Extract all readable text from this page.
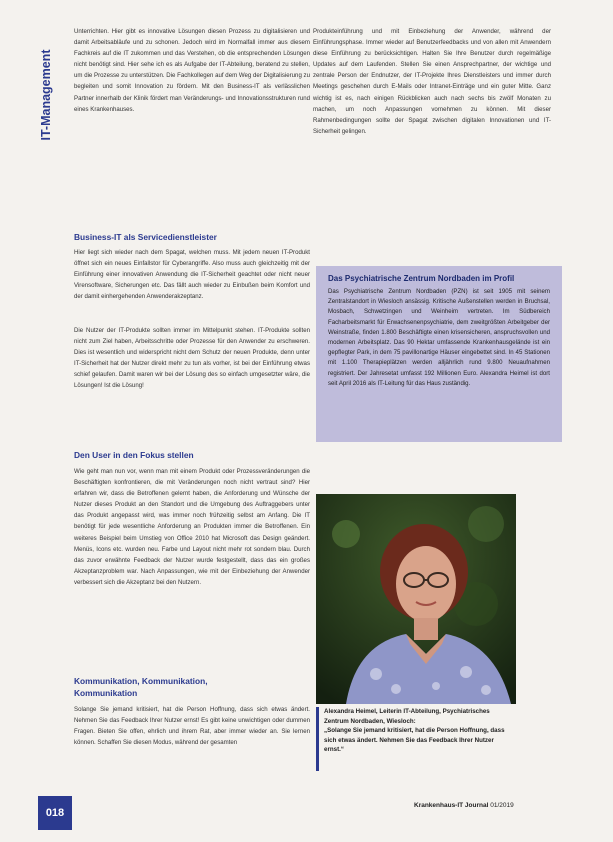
IT-Management

Unterrichten. Hier gibt es innovative Lösungen diesen Prozess zu digitalisieren und damit Arbeitsabläufe und zu schonen. Jedoch wird im Normalfall immer aus diesem Fachkreis auf die IT zukommen und das Verstehen, ob die entsprechenden Lösungen nicht benötigt sind. Hier sehe ich es als Aufgabe der IT-Abteilung, beratend zu stellen, um die Prozesse zu unterstützen. Die Fachkollegen auf dem Weg der Digitalisierung zu begleiten und somit Innovation zu fördern. Mit den Business-IT als verlässlichen Partner innerhalb der Klinik fördert man Veränderungs- und Innovationsstrukturen rund eines Krankenhauses.

Business-IT als Servicedienstleister

Hier liegt sich wieder nach dem Spagat, welchen muss. Mit jedem neuen IT-Produkt öffnet sich ein neues Einfallstor für Cyberangriffe. Also muss auch gleichzeitig mit der Einführung einer innovativen Anwendung die IT-Sicherheit geachtet oder nicht neuer Virensoftware, Sicherungen etc. Das fällt auch wieder zu Einbußen beim Komfort und der damit einhergehenden Anwenderakzeptanz.

Die Nutzer der IT-Produkte sollten immer im Mittelpunkt stehen. IT-Produkte sollten nicht zum Ziel haben, Arbeitsschritte oder Prozesse für den Anwender zu erschweren. Dies ist wesentlich und widerspricht nicht dem Schutz der neuen Produkte, denn unter IT-Sicherheit hat der Nutzer direkt mehr zu tun als vorher, ist bei der Einführung etwas schief gelaufen. Damit waren wir bei der Lösung des so einfach umgesetzter wäre, die Lösungen! Ist die Lösung!

Den User in den Fokus stellen

Wie geht man nun vor, wenn man mit einem Produkt oder Prozessveränderungen die Beschäftigten konfrontieren, die mit Veränderungen noch nicht vertraut sind? Hier erfahren wir, dass die Betroffenen gelernt haben, die Anforderung und Wünsche der Nutzer dieses Produkt an den Standort und die Umgebung des Auftraggebers unter das Produkt angepasst wird, was immer noch frühzeitig selbst am Anfang. Die IT benötigt für jede wesentliche Anforderung an Produkten immer die Betroffenen. Ein weiteres Beispiel beim Umstieg von Office 2010 hat Microsoft das Design geändert. Menüs, Icons etc. wurden neu. Farbe und Layout nicht mehr rot sondern blau. Durch das zuvor erwähnte Feedback der Nutzer wurde festgestellt, dass das ein großes Akzeptanzproblem war. Nach Anpassungen, wie mit der Einbeziehung der Anwender verbessert sich die Akzeptanz bei den Nutzern.

Kommunikation, Kommunikation,
Kommunikation

Solange Sie jemand kritisiert, hat die Person Hoffnung, dass sich etwas ändert. Nehmen Sie das Feedback Ihrer Nutzer ernst! Es gibt keine unwichtigen oder dummen Fragen. Bieten Sie offen, ehrlich und ihrem Rat, aber immer wieder an. Sie lernen können. Schaffen Sie diesen Modus, während der gesamten

Produkteinführung und mit Einbeziehung der Anwender, während der Einführungsphase. Immer wieder auf Benutzerfeedbacks und von allen mit Anwendern diese Einführung zu berücksichtigen. Halten Sie Ihre Benutzer durch regelmäßige Updates auf dem Laufenden. Stellen Sie einen Ansprechpartner, der wichtige und zentrale Person der Endnutzer, der IT-Projekte Ihres Dienstleisters und immer durch Meetings geschehen durch E-Mails oder Intranet-Einträge und ein guter Mitte. Ganz wichtig ist es, nach einigen Rückblicken auch nach sechs bis zwölf Monaten zu machen, um noch Anpassungen vornehmen zu können. Mit dieser Rahmenbedingungen sollte der Spagat zwischen digitalen Innovationen und IT-Sicherheit gelingen.

Das Psychiatrische Zentrum Nordbaden im Profil

Das Psychiatrische Zentrum Nordbaden (PZN) ist seit 1905 mit seinem Zentralstandort in Wiesloch ansässig. Kritische Außenstellen werden in Bruchsal, Mosbach, Schwetzingen und Weinheim vertreten. Im Südbereich Facharbeitsmarkt für Erwachsenenpsychiatrie, dem zweitgrößten Arbeitgeber der Weinstraße, finden 1.800 Beschäftigte einen krisensicheren, anspruchsvollen und modernen Arbeitsplatz. Das 90 Hektar umfassende Krankenhausgelände ist ein gepflegter Park, in dem 75 pavillonartige Häuser eingebettet sind. In 45 Stationen mit 1.100 Therapieplätzen werden alljährlich rund 9.800 Neuaufnahmen registriert. Der Jahresetat umfasst 192 Millionen Euro. Alexandra Heimel ist dort seit April 2016 als IT-Leitung für das Haus zuständig.

Alexandra Heimel, Leiterin IT-Abteilung, Psychiatrisches Zentrum Nordbaden, Wiesloch:
„Solange Sie jemand kritisiert, hat die Person Hoffnung, dass sich etwas ändert. Nehmen Sie das Feedback Ihrer Nutzer ernst.“
018
Krankenhaus-IT Journal 01/2019
